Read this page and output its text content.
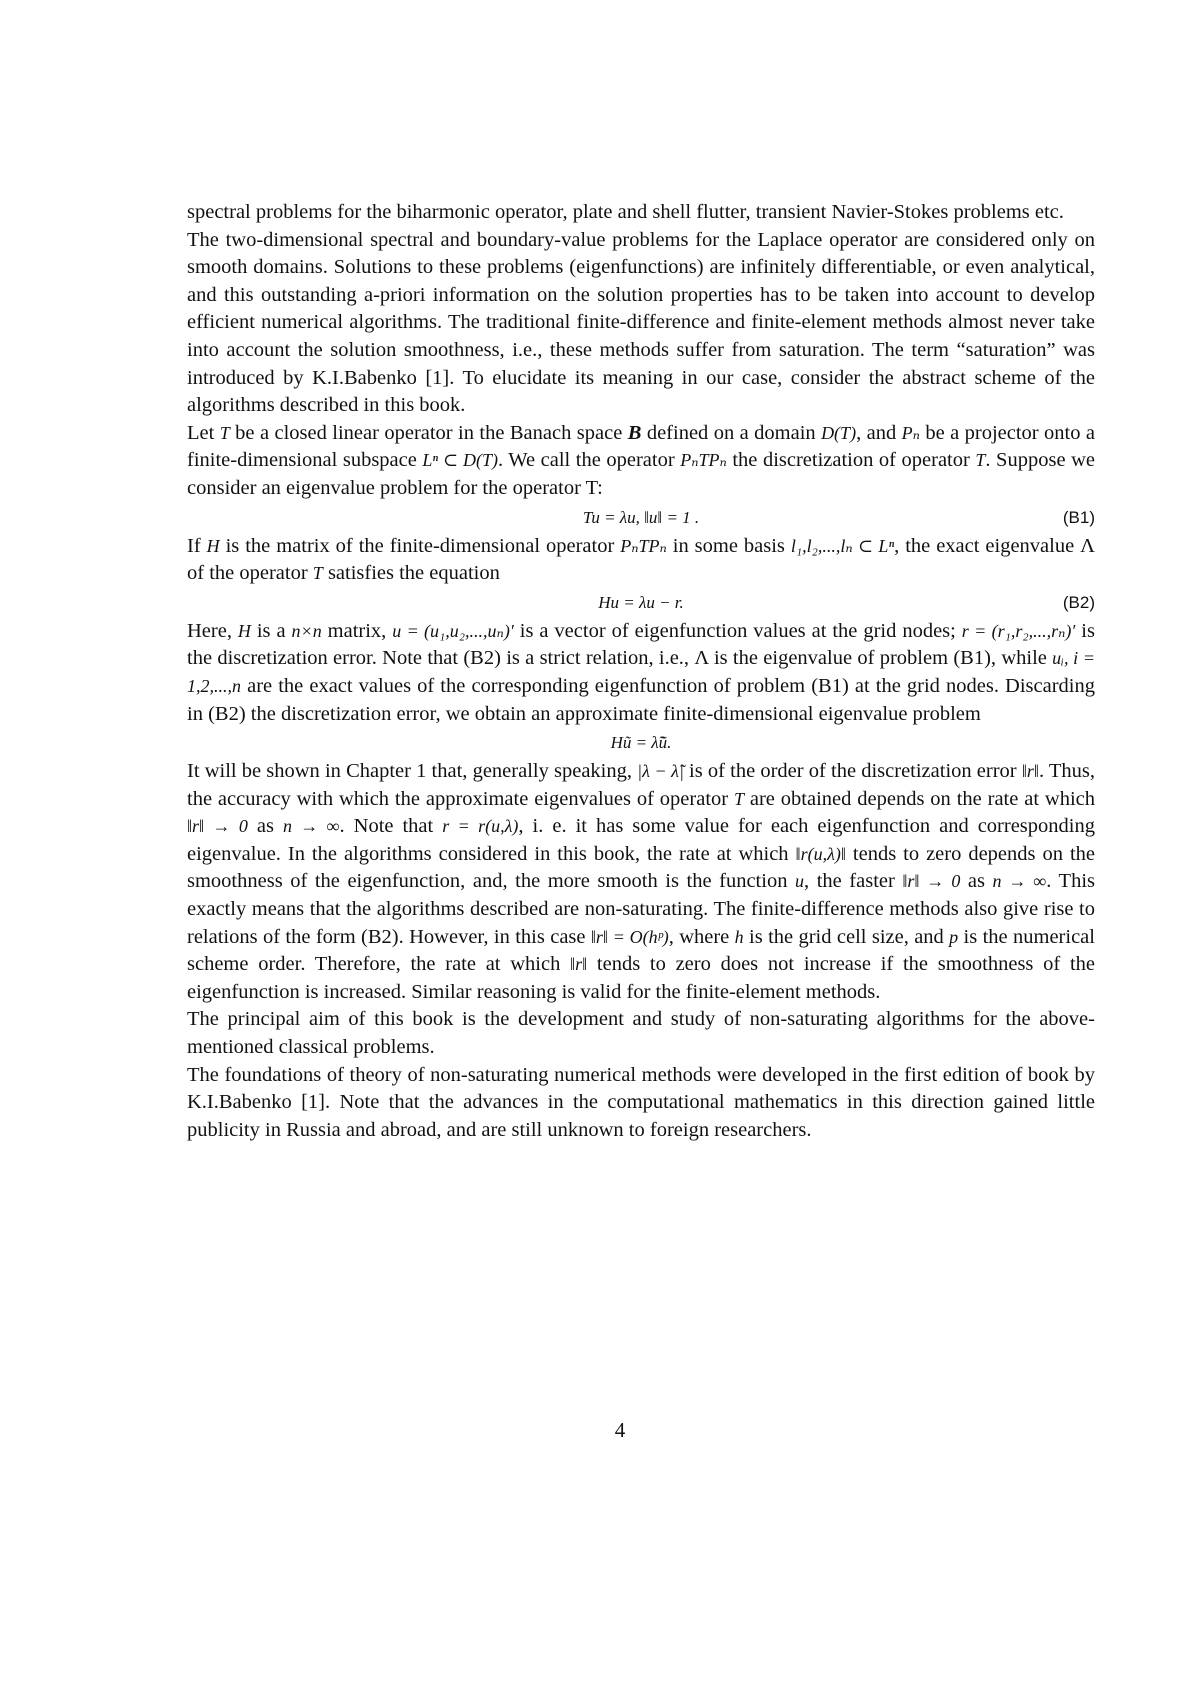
spectral problems for the biharmonic operator, plate and shell flutter, transient Navier-Stokes problems etc.

The two-dimensional spectral and boundary-value problems for the Laplace operator are considered only on smooth domains. Solutions to these problems (eigenfunctions) are infinitely differentiable, or even analytical, and this outstanding a-priori information on the solution properties has to be taken into account to develop efficient numerical algorithms. The traditional finite-difference and finite-element methods almost never take into account the solution smoothness, i.e., these methods suffer from saturation. The term “saturation” was introduced by K.I.Babenko [1]. To elucidate its meaning in our case, consider the abstract scheme of the algorithms described in this book.

Let T be a closed linear operator in the Banach space B defined on a domain D(T), and Pₙ be a projector onto a finite-dimensional subspace Lⁿ ⊂ D(T). We call the operator PₙTPₙ the discretization of operator T. Suppose we consider an eigenvalue problem for the operator T:

Tu = λu, ‖u‖ = 1 .	(B1)

If H is the matrix of the finite-dimensional operator PₙTPₙ in some basis l₁,l₂,...,lₙ ⊂ Lⁿ, the exact eigenvalue Λ of the operator T satisfies the equation

Hu = λu − r.	(B2)

Here, H is a n×n matrix, u = (u₁,u₂,...,uₙ)′ is a vector of eigenfunction values at the grid nodes; r = (r₁,r₂,...,rₙ)′ is the discretization error. Note that (B2) is a strict relation, i.e., Λ is the eigenvalue of problem (B1), while uᵢ, i = 1,2,...,n are the exact values of the corresponding eigenfunction of problem (B1) at the grid nodes. Discarding in (B2) the discretization error, we obtain an approximate finite-dimensional eigenvalue problem

Hũ = λ̃ũ.

It will be shown in Chapter 1 that, generally speaking, |λ − λ̃| is of the order of the discretization error ‖r‖. Thus, the accuracy with which the approximate eigenvalues of operator T are obtained depends on the rate at which ‖r‖ → 0 as n → ∞. Note that r = r(u,λ), i. e. it has some value for each eigenfunction and corresponding eigenvalue. In the algorithms considered in this book, the rate at which ‖r(u,λ)‖ tends to zero depends on the smoothness of the eigenfunction, and, the more smooth is the function u, the faster ‖r‖ → 0 as n → ∞. This exactly means that the algorithms described are non-saturating. The finite-difference methods also give rise to relations of the form (B2). However, in this case ‖r‖ = O(hᵖ), where h is the grid cell size, and p is the numerical scheme order. Therefore, the rate at which ‖r‖ tends to zero does not increase if the smoothness of the eigenfunction is increased. Similar reasoning is valid for the finite-element methods.

The principal aim of this book is the development and study of non-saturating algorithms for the above-mentioned classical problems.

The foundations of theory of non-saturating numerical methods were developed in the first edition of book by K.I.Babenko [1]. Note that the advances in the computational mathematics in this direction gained little publicity in Russia and abroad, and are still unknown to foreign researchers.

4
